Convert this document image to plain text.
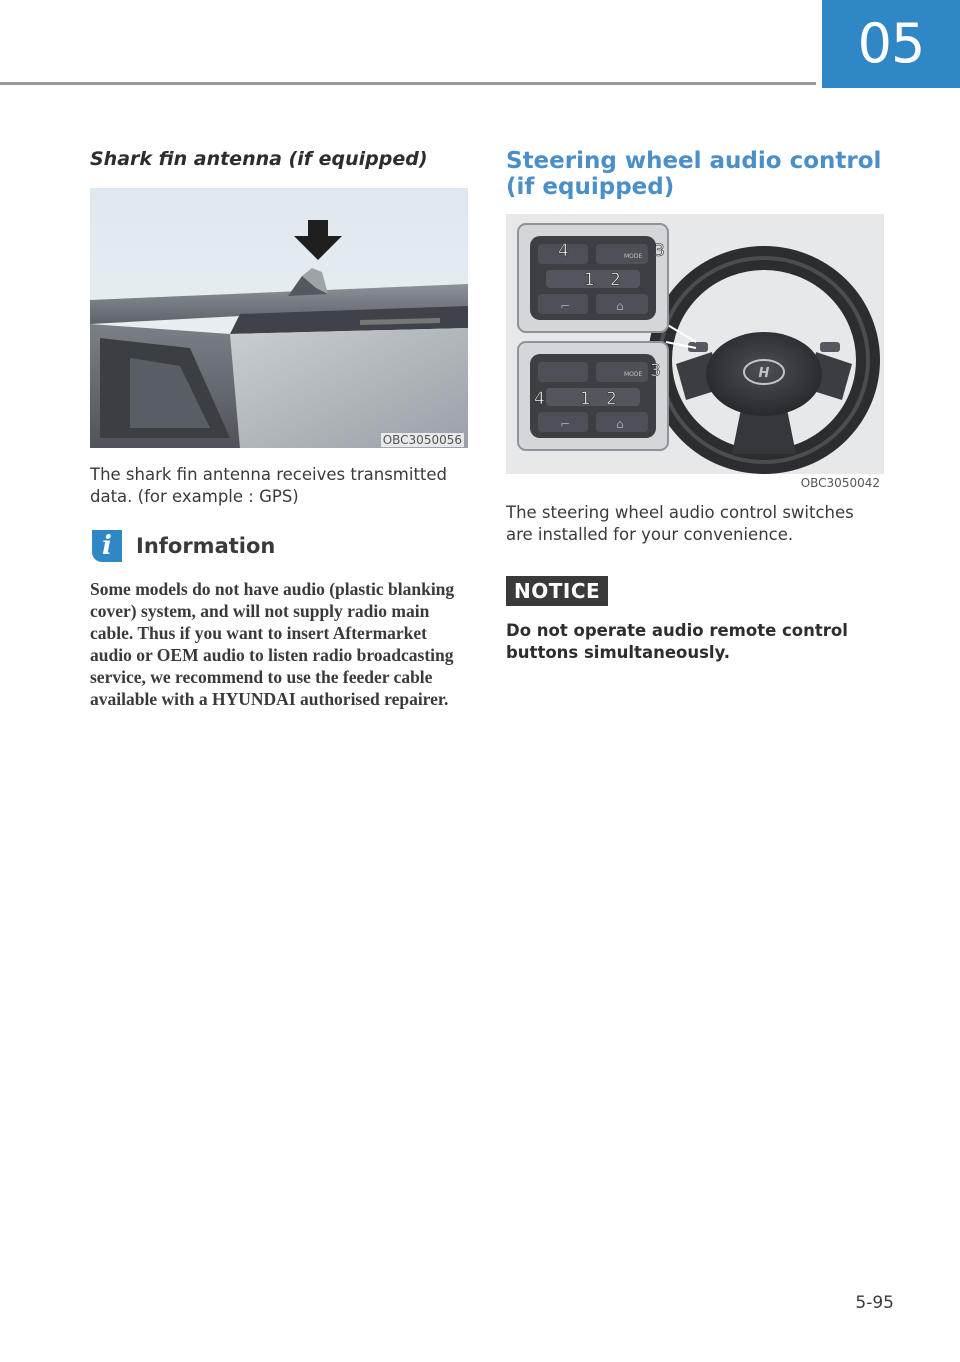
05
Shark fin antenna (if equipped)
OBC3050056

The shark fin antenna receives transmitted data. (for example : GPS)

i	Information

Some models do not have audio (plastic blanking cover) system, and will not supply radio main cable. Thus if you want to insert Aftermarket audio or OEM audio to listen radio broadcasting service, we recommend to use the feeder cable available with a HYUNDAI authorised repairer.

Steering wheel audio control
(if equipped)
H
MODE
4	3
1 2
⌐	⌂
MODE 3
4 1 2
⌐	⌂
OBC3050042

The steering wheel audio control switches are installed for your convenience.

NOTICE

Do not operate audio remote control buttons simultaneously.

5-95
